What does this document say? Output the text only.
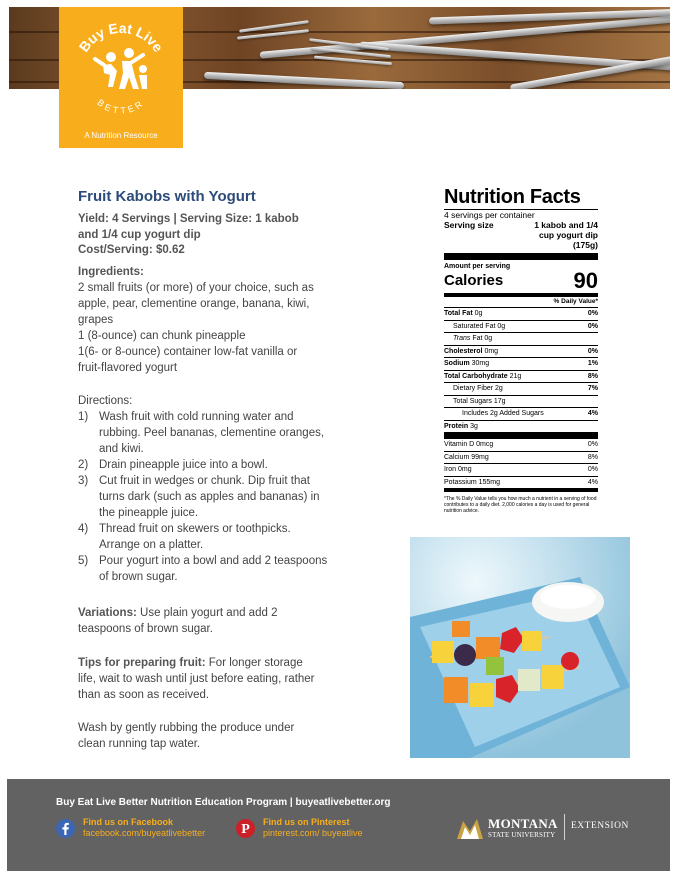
Buy Eat Live
BETTER
A Nutrition Resource
Fruit Kabobs with Yogurt
Yield: 4 Servings | Serving Size: 1 kabob
and 1/4 cup yogurt dip
Cost/Serving: $0.62
Ingredients:
2 small fruits (or more) of your choice, such as apple, pear, clementine orange, banana, kiwi, grapes
1 (8-ounce) can chunk pineapple
1(6- or 8-ounce) container low-fat vanilla or fruit-flavored yogurt
Directions:
1) Wash fruit with cold running water and rubbing. Peel bananas, clementine oranges, and kiwi.
2) Drain pineapple juice into a bowl.
3) Cut fruit in wedges or chunk. Dip fruit that turns dark (such as apples and bananas) in the pineapple juice.
4) Thread fruit on skewers or toothpicks. Arrange on a platter.
5) Pour yogurt into a bowl and add 2 teaspoons of brown sugar.
Variations: Use plain yogurt and add 2 teaspoons of brown sugar.
Tips for preparing fruit: For longer storage life, wait to wash until just before eating, rather than as soon as received.
Wash by gently rubbing the produce under clean running tap water.
Nutrition Facts
4 servings per container
Serving size	1 kabob and 1/4 cup yogurt dip (175g)
Amount per serving
Calories	90
% Daily Value*
Total Fat 0g	0%
Saturated Fat 0g	0%
Trans Fat 0g
Cholesterol 0mg	0%
Sodium 30mg	1%
Total Carbohydrate 21g	8%
Dietary Fiber 2g	7%
Total Sugars 17g
Includes 2g Added Sugars	4%
Protein 3g
Vitamin D 0mcg	0%
Calcium 99mg	8%
Iron 0mg	0%
Potassium 155mg	4%
*The % Daily Value tells you how much a nutrient in a serving of food contributes to a daily diet. 2,000 calories a day is used for general nutrition advice.
Buy Eat Live Better Nutrition Education Program | buyeatlivebetter.org
Find us on Facebook
facebook.com/buyeatlivebetter	P Find us on Pinterest
pinterest.com/ buyeatlive
MONTANA
STATE UNIVERSITY
EXTENSION
